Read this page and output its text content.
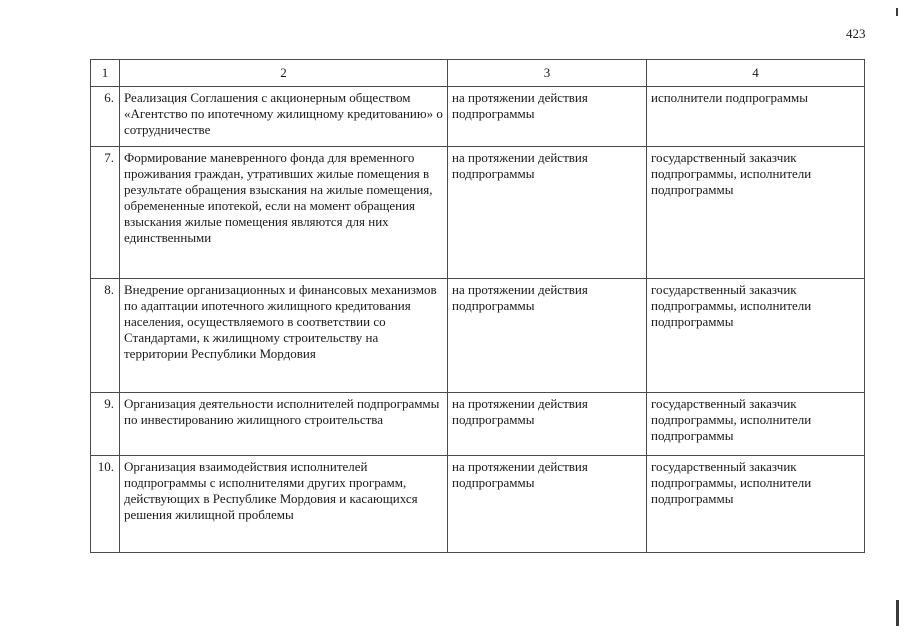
423
1	2	3	4
6.	Реализация Соглашения с акционерным обществом «Агентство по ипотечному жилищному кредитованию» о сотрудничестве	на протяжении действия подпрограммы	исполнители подпрограммы
7.	Формирование маневренного фонда для временного проживания граждан, утративших жилые помещения в результате обращения взыскания на жилые помещения, обремененные ипотекой, если на момент обращения взыскания жилые помещения являются для них единственными	на протяжении действия подпрограммы	государственный заказчик подпрограммы, исполнители подпрограммы
8.	Внедрение организационных и финансовых механизмов по адаптации ипотечного жилищного кредитования населения, осуществляемого в соответствии со Стандартами, к жилищному строительству на территории Республики Мордовия	на протяжении действия подпрограммы	государственный заказчик подпрограммы, исполнители подпрограммы
9.	Организация деятельности исполнителей подпрограммы по инвестированию жилищного строительства	на протяжении действия подпрограммы	государственный заказчик подпрограммы, исполнители подпрограммы
10.	Организация взаимодействия исполнителей подпрограммы с исполнителями других программ, действующих в Республике Мордовия и касающихся решения жилищной проблемы	на протяжении действия подпрограммы	государственный заказчик подпрограммы, исполнители подпрограммы
